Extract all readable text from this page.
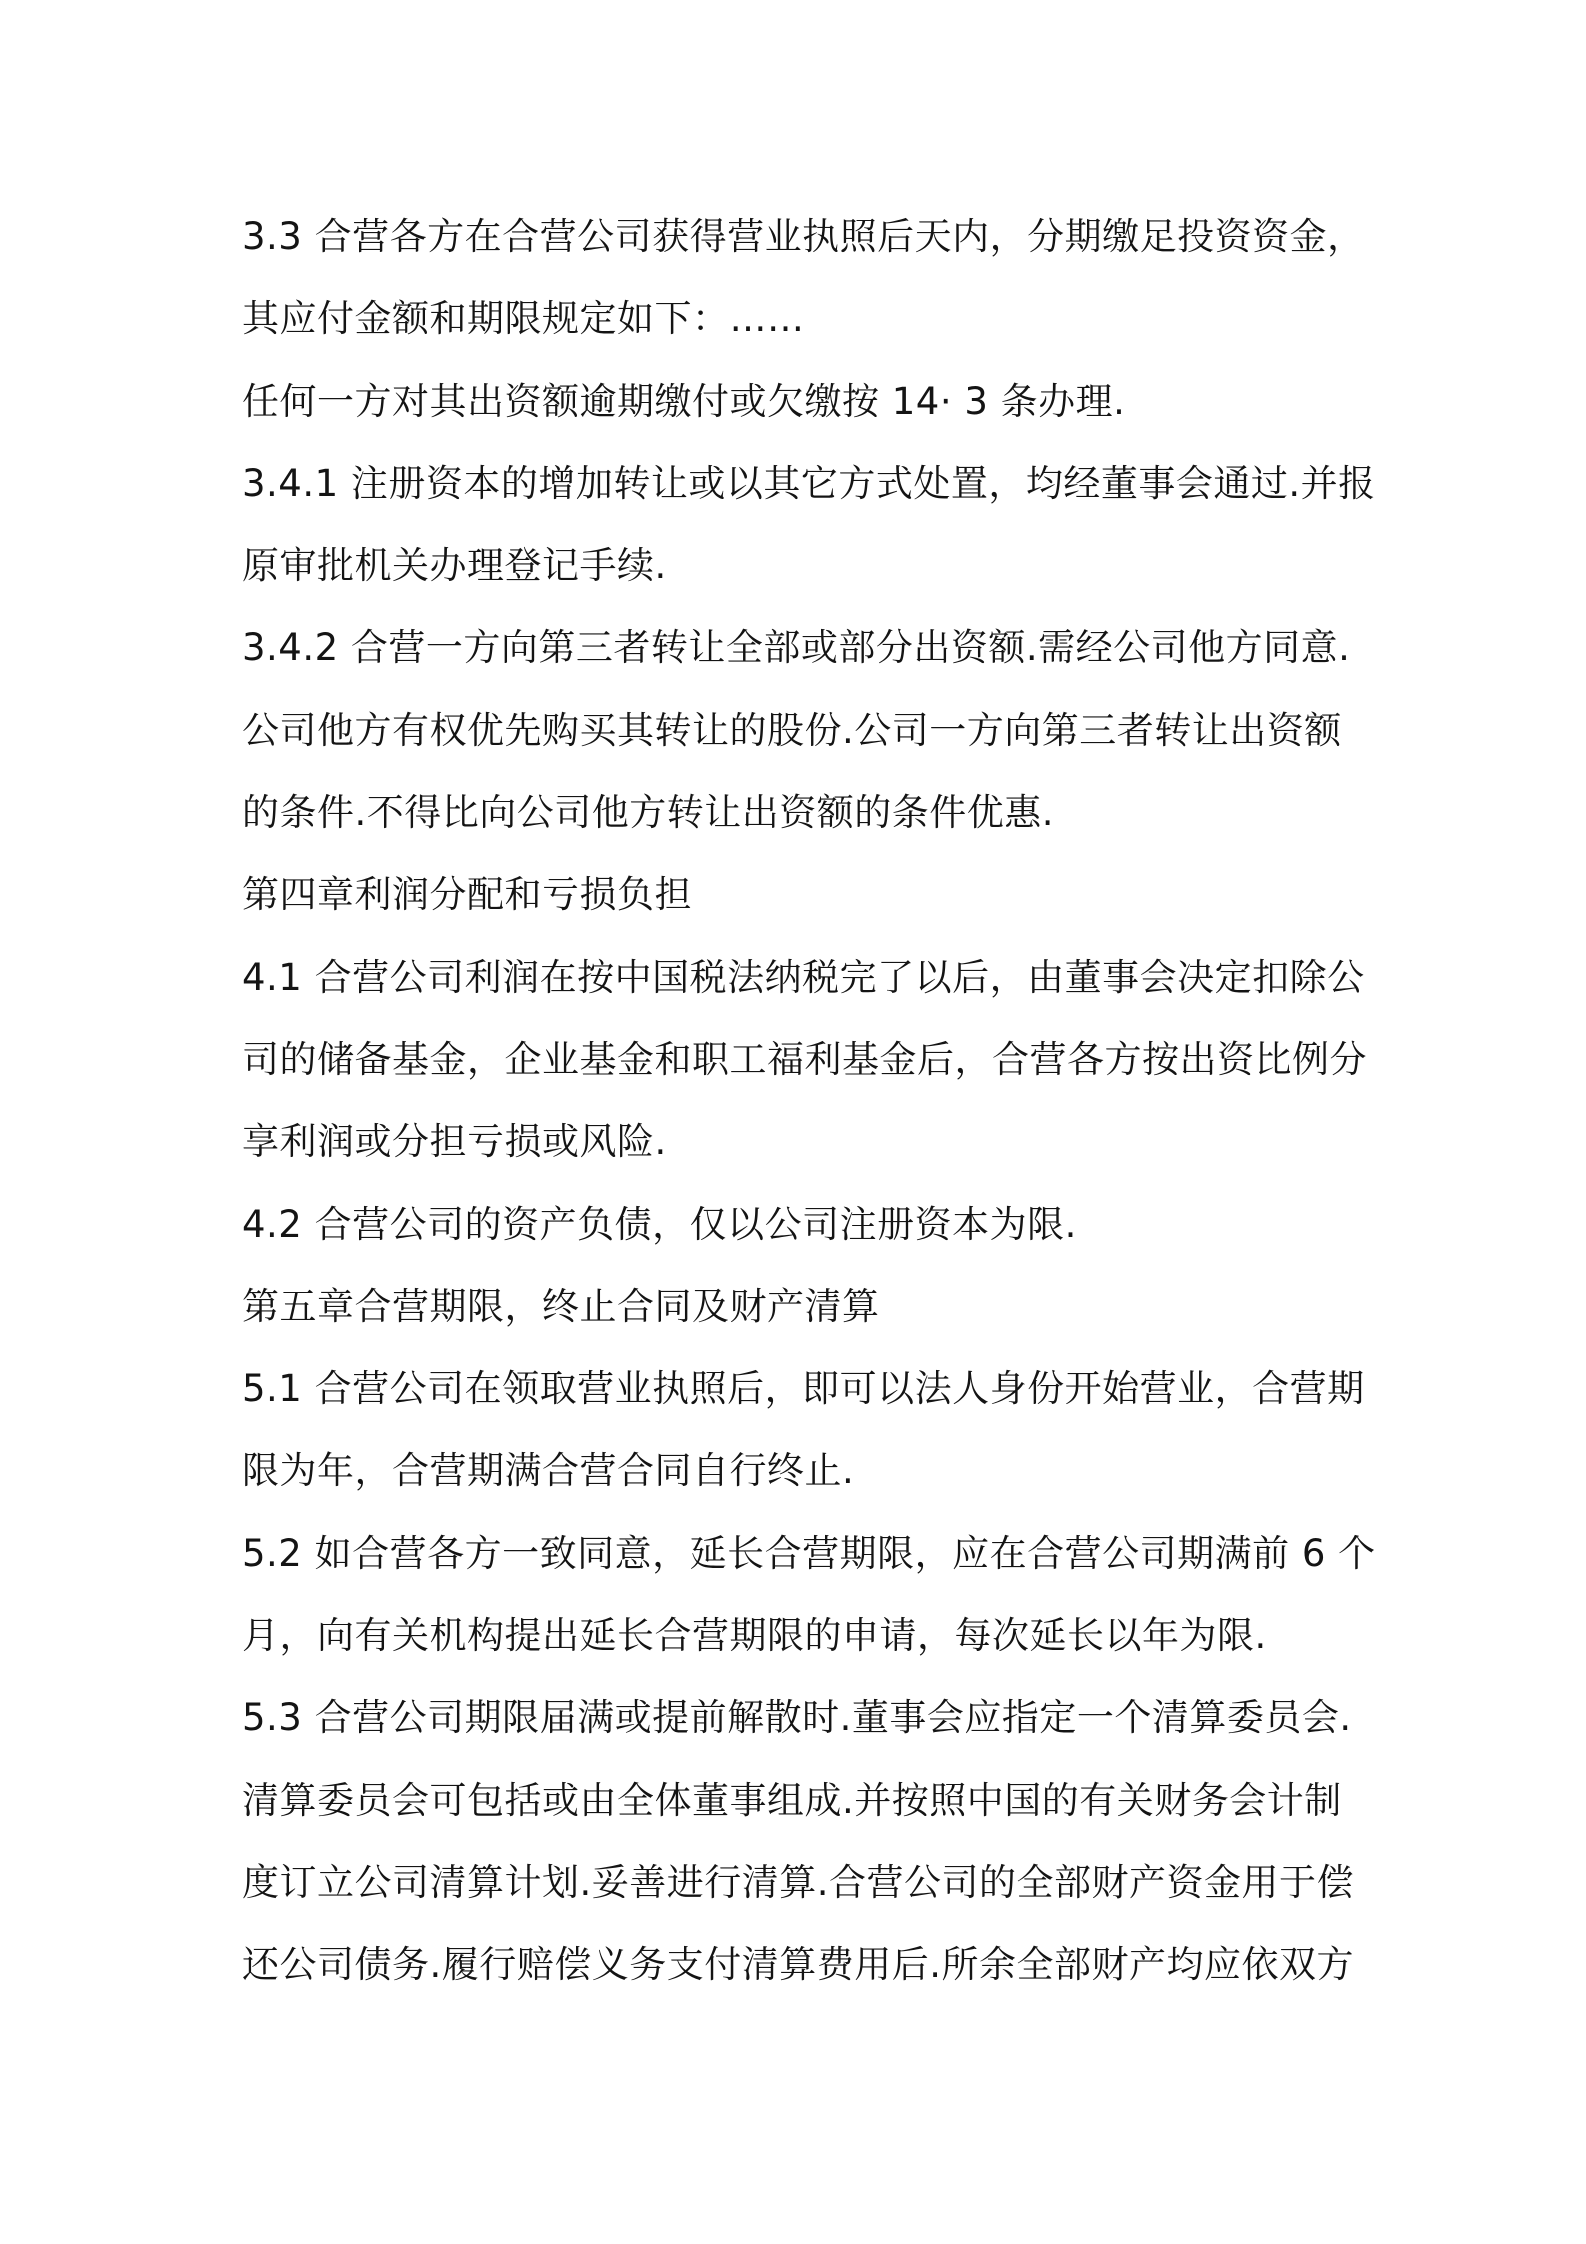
3.3 合营各方在合营公司获得营业执照后天内，分期缴足投资资金，
其应付金额和期限规定如下：……
任何一方对其出资额逾期缴付或欠缴按 14· 3 条办理.
3.4.1 注册资本的增加转让或以其它方式处置，均经董事会通过.并报
原审批机关办理登记手续.
3.4.2 合营一方向第三者转让全部或部分出资额.需经公司他方同意.
公司他方有权优先购买其转让的股份.公司一方向第三者转让出资额
的条件.不得比向公司他方转让出资额的条件优惠.
第四章利润分配和亏损负担
4.1 合营公司利润在按中国税法纳税完了以后，由董事会决定扣除公
司的储备基金，企业基金和职工福利基金后，合营各方按出资比例分
享利润或分担亏损或风险.
4.2 合营公司的资产负债，仅以公司注册资本为限.
第五章合营期限，终止合同及财产清算
5.1 合营公司在领取营业执照后，即可以法人身份开始营业，合营期
限为年，合营期满合营合同自行终止.
5.2 如合营各方一致同意，延长合营期限，应在合营公司期满前 6 个
月，向有关机构提出延长合营期限的申请，每次延长以年为限.
5.3 合营公司期限届满或提前解散时.董事会应指定一个清算委员会.
清算委员会可包括或由全体董事组成.并按照中国的有关财务会计制
度订立公司清算计划.妥善进行清算.合营公司的全部财产资金用于偿
还公司债务.履行赔偿义务支付清算费用后.所余全部财产均应依双方
